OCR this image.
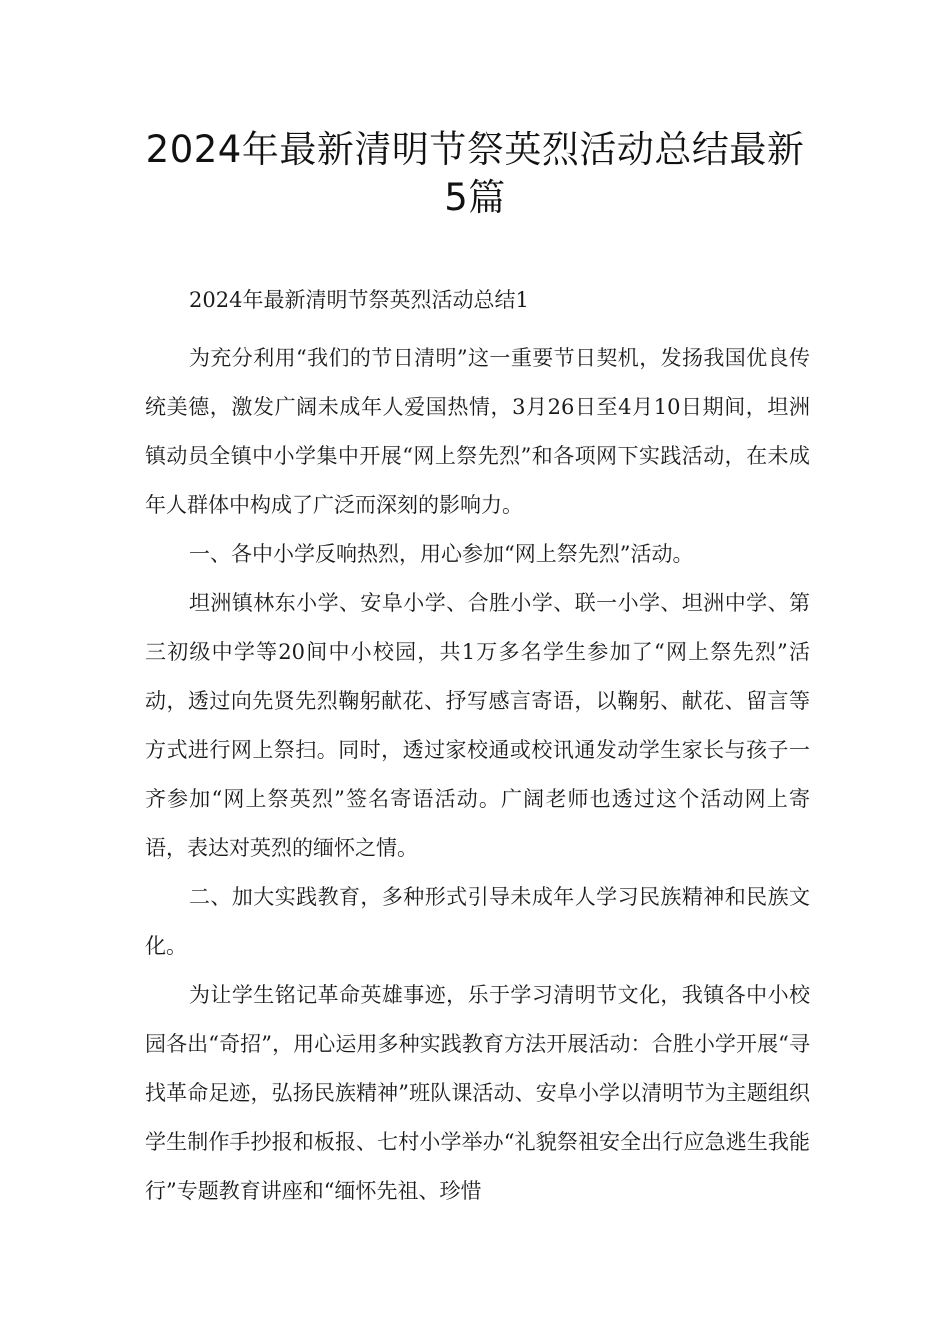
2024年最新清明节祭英烈活动总结最新
5篇

2024年最新清明节祭英烈活动总结1

为充分利用“我们的节日清明”这一重要节日契机，发扬我国优良传统美德，激发广阔未成年人爱国热情，3月26日至4月10日期间，坦洲镇动员全镇中小学集中开展“网上祭先烈”和各项网下实践活动，在未成年人群体中构成了广泛而深刻的影响力。

一、各中小学反响热烈，用心参加“网上祭先烈”活动。

坦洲镇林东小学、安阜小学、合胜小学、联一小学、坦洲中学、第三初级中学等20间中小校园，共1万多名学生参加了“网上祭先烈”活动，透过向先贤先烈鞠躬献花、抒写感言寄语，以鞠躬、献花、留言等方式进行网上祭扫。同时，透过家校通或校讯通发动学生家长与孩子一齐参加“网上祭英烈”签名寄语活动。广阔老师也透过这个活动网上寄语，表达对英烈的缅怀之情。

二、加大实践教育，多种形式引导未成年人学习民族精神和民族文化。

为让学生铭记革命英雄事迹，乐于学习清明节文化，我镇各中小校园各出“奇招”，用心运用多种实践教育方法开展活动：合胜小学开展“寻找革命足迹，弘扬民族精神”班队课活动、安阜小学以清明节为主题组织学生制作手抄报和板报、七村小学举办“礼貌祭祖安全出行应急逃生我能行”专题教育讲座和“缅怀先祖、珍惜
